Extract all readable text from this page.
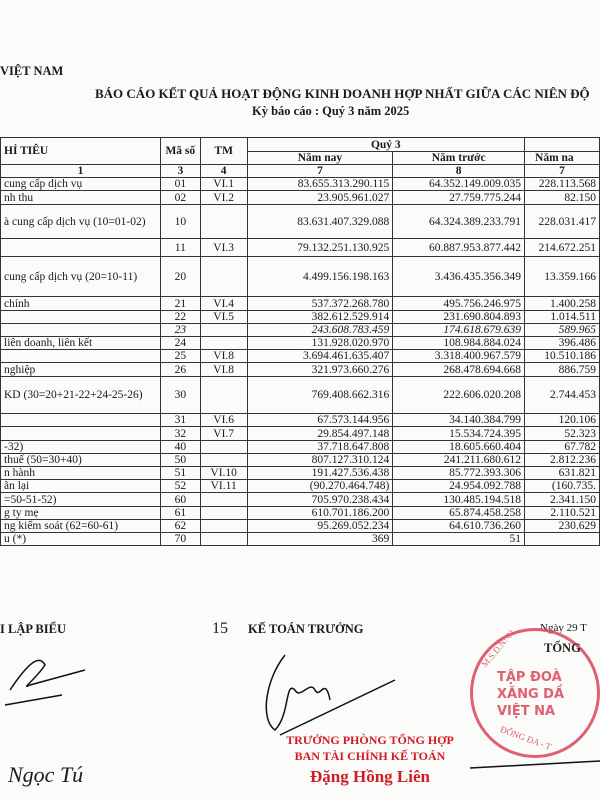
VIỆT NAM
BÁO CÁO KẾT QUẢ HOẠT ĐỘNG KINH DOANH HỢP NHẤT GIỮA CÁC NIÊN ĐỘ
Kỳ báo cáo : Quý 3 năm 2025
HỈ TIÊU	Mã số	TM	Quý 3		
			Năm nay	Năm trước	Năm na
1	3	4	7	8	7
cung cấp dịch vụ	01	VI.1	83.655.313.290.115	64.352.149.009.035	228.113.568
nh thu	02	VI.2	23.905.961.027	27.759.775.244	82.150
à cung cấp dịch vụ (10=01-02)	10		83.631.407.329.088	64.324.389.233.791	228.031.417
	11	VI.3	79.132.251.130.925	60.887.953.877.442	214.672.251
cung cấp dịch vụ (20=10-11)	20		4.499.156.198.163	3.436.435.356.349	13.359.166
chính	21	VI.4	537.372.268.780	495.756.246.975	1.400.258
	22	VI.5	382.612.529.914	231.690.804.893	1.014.511
	23		243.608.783.459	174.618.679.639	589.965
liên doanh, liên kết	24		131.928.020.970	108.984.884.024	396.486
	25	VI.8	3.694.461.635.407	3.318.400.967.579	10.510.186
nghiệp	26	VI.8	321.973.660.276	268.478.694.668	886.759
KD (30=20+21-22+24-25-26)	30		769.408.662.316	222.606.020.208	2.744.453
	31	VI.6	67.573.144.956	34.140.384.799	120.106
	32	VI.7	29.854.497.148	15.534.724.395	52.323
-32)	40		37.718.647.808	18.605.660.404	67.782
thuế (50=30+40)	50		807.127.310.124	241.211.680.612	2.812.236
n hành	51	VI.10	191.427.536.438	85.772.393.306	631.821
ãn lại	52	VI.11	(90.270.464.748)	24.954.092.788	(160.735.
=50-51-52)	60		705.970.238.434	130.485.194.518	2.341.150
g ty mẹ	61		610.701.186.200	65.874.458.258	2.110.521
ng kiểm soát (62=60-61)	62		95.269.052.234	64.610.736.260	230.629
u (*)	70		369	51	
Ngày 29 T
I LẬP BIỂU
Ngọc Tú
15 KẾ TOÁN TRƯỞNG
TRƯỞNG PHÒNG TỔNG HỢP
BAN TÀI CHÍNH KẾ TOÁN
Đặng Hồng Liên
TẬP ĐOÀ
XĂNG DẦ
VIỆT NA
M.S.D.N: 01
ĐỐNG ĐA - T
TỔNG
